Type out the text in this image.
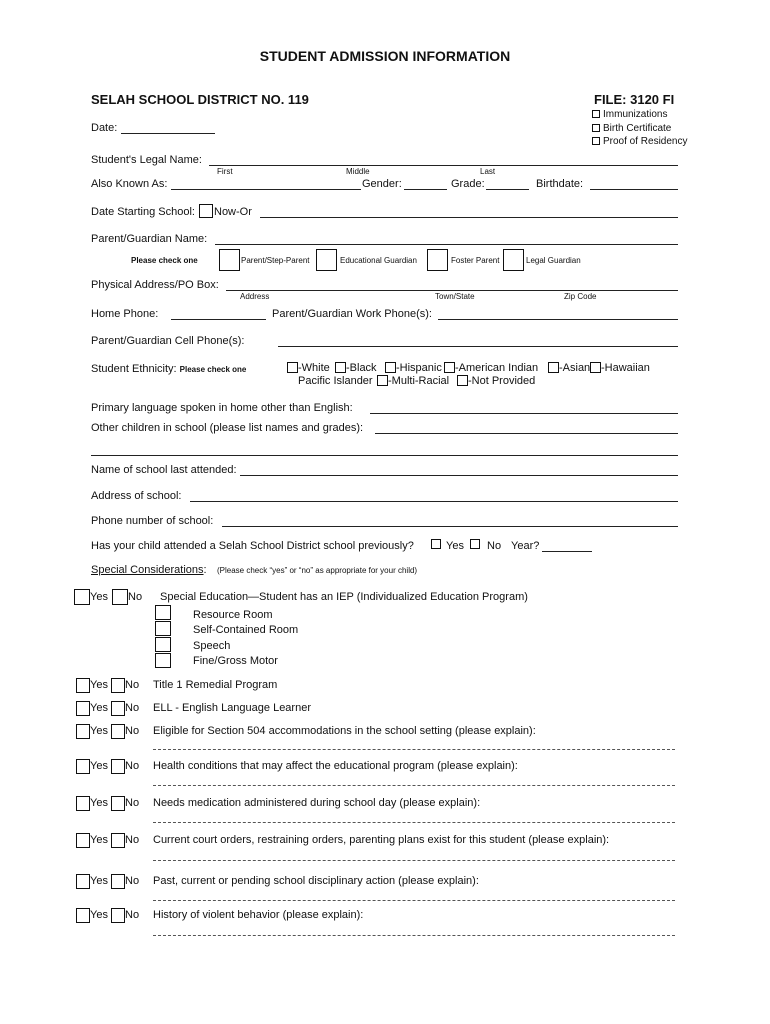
STUDENT ADMISSION INFORMATION
SELAH SCHOOL DISTRICT NO. 119	FILE: 3120 FI
Immunizations
Birth Certificate
Proof of Residency
Date:
Student's Legal Name:
First	Middle	Last
Also Known As:	Gender:	Grade:	Birthdate:
Date Starting School: Now-Or
Parent/Guardian Name:
Please check one	Parent/Step-Parent	Educational Guardian	Foster Parent	Legal Guardian
Physical Address/PO Box:
Address	Town/State	Zip Code
Home Phone:	Parent/Guardian Work Phone(s):
Parent/Guardian Cell Phone(s):
Student Ethnicity: Please check one	-White -Black -Hispanic -American Indian -Asian -Hawaiian
Pacific Islander -Multi-Racial -Not Provided
Primary language spoken in home other than English:
Other children in school (please list names and grades):
Name of school last attended:
Address of school:
Phone number of school:
Has your child attended a Selah School District school previously?	Yes No Year?
Special Considerations: (Please check “yes” or “no” as appropriate for your child)
Yes No Special Education—Student has an IEP (Individualized Education Program)
Resource Room
Self-Contained Room
Speech
Fine/Gross Motor
Yes No Title 1 Remedial Program
Yes No ELL - English Language Learner
Yes No Eligible for Section 504 accommodations in the school setting (please explain):
Yes No Health conditions that may affect the educational program (please explain):
Yes No Needs medication administered during school day (please explain):
Yes No Current court orders, restraining orders, parenting plans exist for this student (please explain):
Yes No Past, current or pending school disciplinary action (please explain):
Yes No History of violent behavior (please explain):
